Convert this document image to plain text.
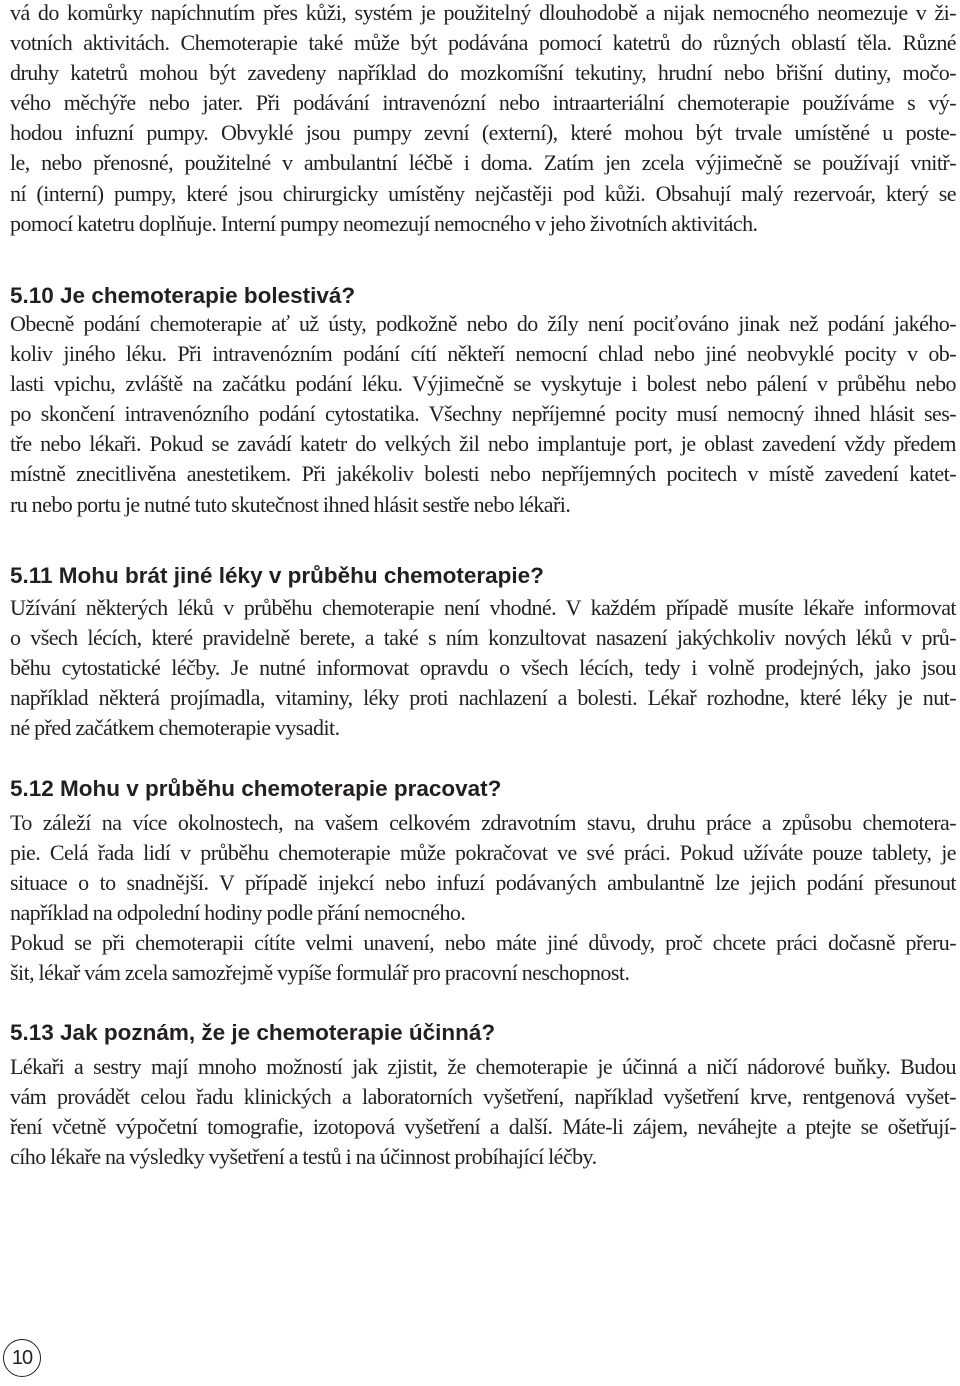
vá do komůrky napíchnutím přes kůži, systém je použitelný dlouhodobě a nijak nemocného neomezuje v ži-
votních aktivitách. Chemoterapie také může být podávána pomocí katetrů do různých oblastí těla. Různé
druhy katetrů mohou být zavedeny například do mozkomíšní tekutiny, hrudní nebo břišní dutiny, močo-
vého měchýře nebo jater. Při podávání intravenózní nebo intraarteriální chemoterapie používáme s vý-
hodou infuzní pumpy. Obvyklé jsou pumpy zevní (externí), které mohou být trvale umístěné u poste-
le, nebo přenosné, použitelné v ambulantní léčbě i doma. Zatím jen zcela výjimečně se používají vnitř-
ní (interní) pumpy, které jsou chirurgicky umístěny nejčastěji pod kůži. Obsahují malý rezervoár, který se
pomocí katetru doplňuje. Interní pumpy neomezují nemocného v jeho životních aktivitách.
5.10 Je chemoterapie bolestivá?
Obecně podání chemoterapie ať už ústy, podkožně nebo do žíly není pociťováno jinak než podání jakého-
koliv jiného léku. Při intravenózním podání cítí někteří nemocní chlad nebo jiné neobvyklé pocity v ob-
lasti vpichu, zvláště na začátku podání léku. Výjimečně se vyskytuje i bolest nebo pálení v průběhu nebo
po skončení intravenózního podání cytostatika. Všechny nepříjemné pocity musí nemocný ihned hlásit ses-
tře nebo lékaři. Pokud se zavádí katetr do velkých žil nebo implantuje port, je oblast zavedení vždy předem
místně znecitlivěna anestetikem. Při jakékoliv bolesti nebo nepříjemných pocitech v místě zavedení katet-
ru nebo portu je nutné tuto skutečnost ihned hlásit sestře nebo lékaři.
5.11 Mohu brát jiné léky v průběhu chemoterapie?
Užívání některých léků v průběhu chemoterapie není vhodné. V každém případě musíte lékaře informovat
o všech lécích, které pravidelně berete, a také s ním konzultovat nasazení jakýchkoliv nových léků v prů-
běhu cytostatické léčby. Je nutné informovat opravdu o všech lécích, tedy i volně prodejných, jako jsou
například některá projímadla, vitaminy, léky proti nachlazení a bolesti. Lékař rozhodne, které léky je nut-
né před začátkem chemoterapie vysadit.
5.12 Mohu v průběhu chemoterapie pracovat?
To záleží na více okolnostech, na vašem celkovém zdravotním stavu, druhu práce a způsobu chemotera-
pie. Celá řada lidí v průběhu chemoterapie může pokračovat ve své práci. Pokud užíváte pouze tablety, je
situace o to snadnější. V případě injekcí nebo infuzí podávaných ambulantně lze jejich podání přesunout
například na odpolední hodiny podle přání nemocného.
Pokud se při chemoterapii cítíte velmi unavení, nebo máte jiné důvody, proč chcete práci dočasně přeru-
šit, lékař vám zcela samozřejmě vypíše formulář pro pracovní neschopnost.
5.13 Jak poznám, že je chemoterapie účinná?
Lékaři a sestry mají mnoho možností jak zjistit, že chemoterapie je účinná a ničí nádorové buňky. Budou
vám provádět celou řadu klinických a laboratorních vyšetření, například vyšetření krve, rentgenová vyšet-
ření včetně výpočetní tomografie, izotopová vyšetření a další. Máte-li zájem, neváhejte a ptejte se ošetřují-
cího lékaře na výsledky vyšetření a testů i na účinnost probíhající léčby.
10
